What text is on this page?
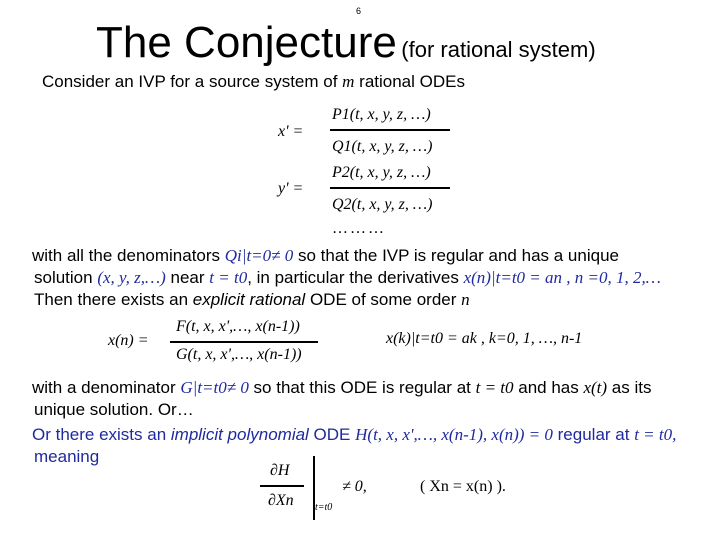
6
The Conjecture (for rational system)
Consider an IVP for a source system of m rational ODEs
x' =
P1(t, x, y, z, …)
Q1(t, x, y, z, …)
y' =
P2(t, x, y, z, …)
Q2(t, x, y, z, …)
………
with all the denominators Qi|t=0≠ 0 so that the IVP is regular and has a unique
solution (x, y, z,…) near t = t0, in particular the derivatives x(n)|t=t0 = an , n =0, 1, 2,…
Then there exists an explicit rational ODE of some order n
x(n) =
F(t, x, x',…, x(n-1))
G(t, x, x',…, x(n-1))
x(k)|t=t0 = ak , k=0, 1, …, n-1
with a denominator G|t=t0≠ 0 so that this ODE is regular at t = t0 and has x(t) as its
unique solution. Or…
Or there exists an implicit polynomial ODE H(t, x, x',…, x(n-1), x(n)) = 0 regular at t = t0,
meaning
∂H
∂Xn t=t0
≠ 0,	( Xn = x(n) ).
